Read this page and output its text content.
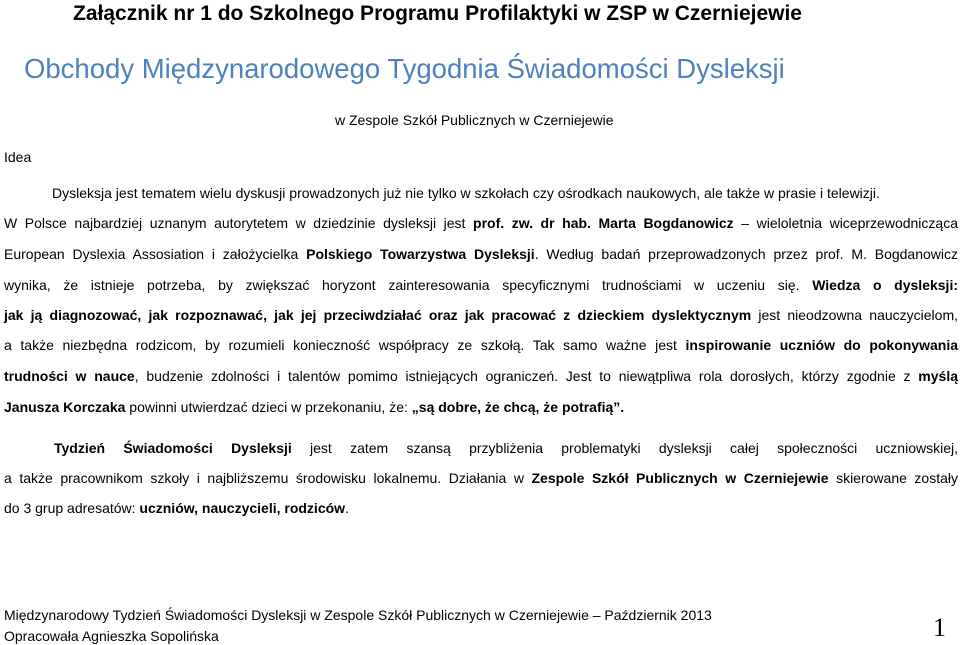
Załącznik nr 1 do Szkolnego Programu Profilaktyki w ZSP w Czerniejewie
Obchody Międzynarodowego Tygodnia Świadomości Dysleksji
w Zespole Szkół Publicznych w Czerniejewie
Idea
Dysleksja jest tematem wielu dyskusji prowadzonych już nie tylko w szkołach czy ośrodkach naukowych, ale także w prasie i telewizji.
W Polsce najbardziej uznanym autorytetem w dziedzinie dysleksji jest prof. zw. dr hab. Marta Bogdanowicz – wieloletnia wiceprzewodnicząca
European Dyslexia Assosiation i założycielka Polskiego Towarzystwa Dysleksji. Według badań przeprowadzonych przez prof. M. Bogdanowicz
wynika, że istnieje potrzeba, by zwiększać horyzont zainteresowania specyficznymi trudnościami w uczeniu się. Wiedza o dysleksji:
jak ją diagnozować, jak rozpoznawać, jak jej przeciwdziałać oraz jak pracować z dzieckiem dyslektycznym jest nieodzowna nauczycielom,
a także niezbędna rodzicom, by rozumieli konieczność współpracy ze szkołą. Tak samo ważne jest inspirowanie uczniów do pokonywania
trudności w nauce, budzenie zdolności i talentów pomimo istniejących ograniczeń. Jest to niewątpliwa rola dorosłych, którzy zgodnie z myślą
Janusza Korczaka powinni utwierdzać dzieci w przekonaniu, że: „są dobre, że chcą, że potrafią”.
Tydzień Świadomości Dysleksji jest zatem szansą przybliżenia problematyki dysleksji całej społeczności uczniowskiej,
a także pracownikom szkoły i najbliższemu środowisku lokalnemu. Działania w Zespole Szkół Publicznych w Czerniejewie skierowane zostały
do 3 grup adresatów: uczniów, nauczycieli, rodziców.
Międzynarodowy Tydzień Świadomości Dysleksji w Zespole Szkół Publicznych w Czerniejewie – Październik 2013
Opracowała Agnieszka Sopolińska	1
